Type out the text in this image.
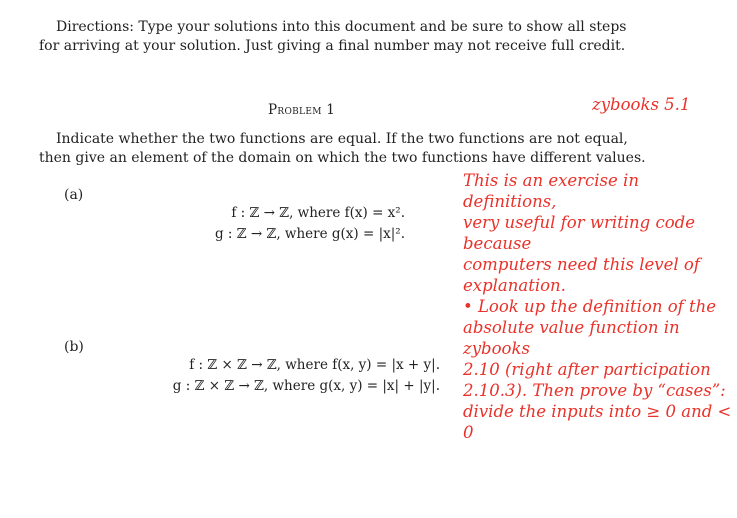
Directions: Type your solutions into this document and be sure to show all steps
for arriving at your solution. Just giving a final number may not receive full credit.
Problem 1	zybooks 5.1
Indicate whether the two functions are equal. If the two functions are not equal,
then give an element of the domain on which the two functions have different values.
(a)
f : ℤ → ℤ, where f(x) = x².
g : ℤ → ℤ, where g(x) = |x|².
(b)
f : ℤ × ℤ → ℤ, where f(x, y) = |x + y|.
g : ℤ × ℤ → ℤ, where g(x, y) = |x| + |y|.
This is an exercise in definitions,
very useful for writing code because
computers need this level of
explanation.
• Look up the definition of the
absolute value function in zybooks
2.10 (right after participation
2.10.3). Then prove by “cases”:
divide the inputs into ≥ 0 and < 0
